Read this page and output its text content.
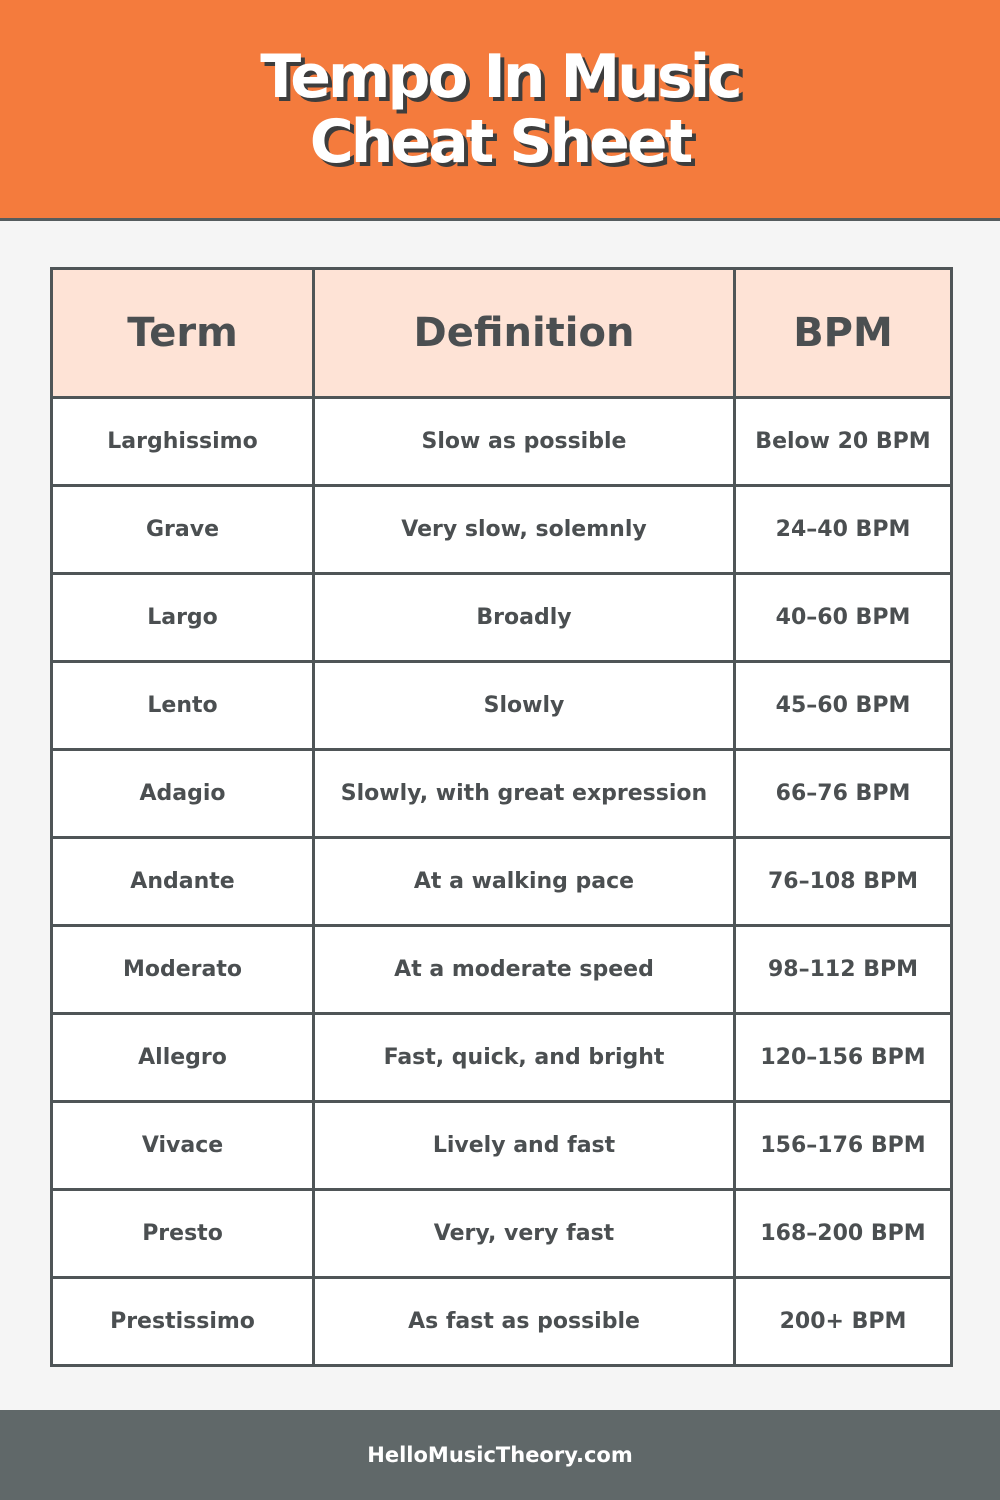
Tempo In Music
Cheat Sheet
Term	Definition	BPM
Larghissimo	Slow as possible	Below 20 BPM
Grave	Very slow, solemnly	24–40 BPM
Largo	Broadly	40–60 BPM
Lento	Slowly	45–60 BPM
Adagio	Slowly, with great expression	66–76 BPM
Andante	At a walking pace	76–108 BPM
Moderato	At a moderate speed	98–112 BPM
Allegro	Fast, quick, and bright	120–156 BPM
Vivace	Lively and fast	156–176 BPM
Presto	Very, very fast	168–200 BPM
Prestissimo	As fast as possible	200+ BPM
HelloMusicTheory.com
